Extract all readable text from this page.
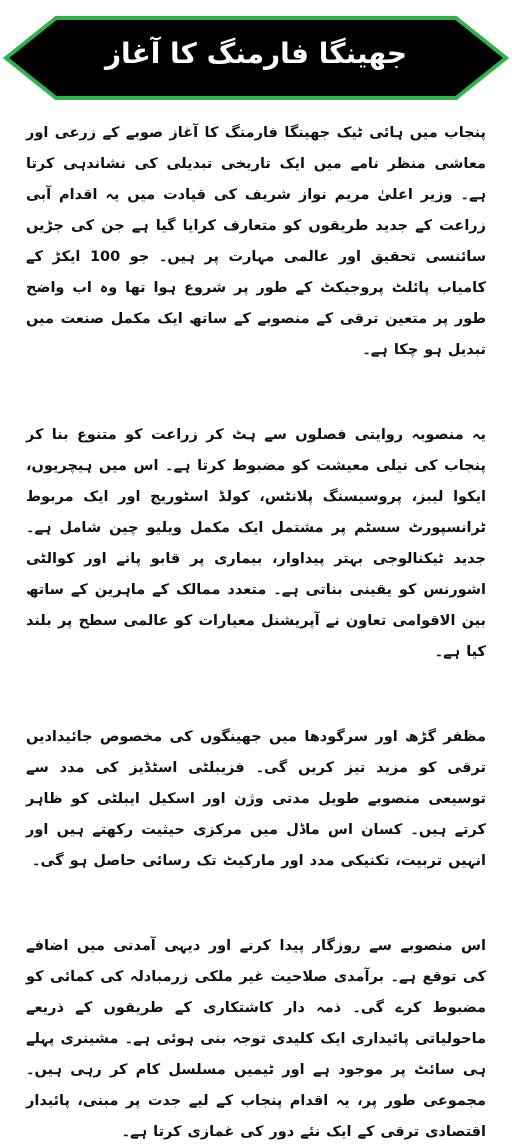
جھینگا فارمنگ کا آغاز

پنجاب میں ہائی ٹیک جھینگا فارمنگ کا آغاز صوبے کے زرعی اور معاشی منظر نامے میں ایک تاریخی تبدیلی کی نشاندہی کرتا ہے۔ وزیر اعلیٰ مریم نواز شریف کی قیادت میں یہ اقدام آبی زراعت کے جدید طریقوں کو متعارف کرایا گیا ہے جن کی جڑیں سائنسی تحقیق اور عالمی مہارت پر ہیں۔ جو 100 ایکڑ کے کامیاب پائلٹ پروجیکٹ کے طور پر شروع ہوا تھا وہ اب واضح طور پر متعین ترقی کے منصوبے کے ساتھ ایک مکمل صنعت میں تبدیل ہو چکا ہے۔

یہ منصوبہ روایتی فصلوں سے ہٹ کر زراعت کو متنوع بنا کر پنجاب کی نیلی معیشت کو مضبوط کرتا ہے۔ اس میں ہیچریوں، ایکوا لیبز، پروسیسنگ پلانٹس، کولڈ اسٹوریج اور ایک مربوط ٹرانسپورٹ سسٹم پر مشتمل ایک مکمل ویلیو چین شامل ہے۔ جدید ٹیکنالوجی بہتر پیداوار، بیماری پر قابو پانے اور کوالٹی اشورنس کو یقینی بناتی ہے۔ متعدد ممالک کے ماہرین کے ساتھ بین الاقوامی تعاون نے آپریشنل معیارات کو عالمی سطح پر بلند کیا ہے۔

مظفر گڑھ اور سرگودھا میں جھینگوں کی مخصوص جائیدادیں ترقی کو مزید تیز کریں گی۔ فزیبلٹی اسٹڈیز کی مدد سے توسیعی منصوبے طویل مدتی وژن اور اسکیل ایبلٹی کو ظاہر کرتے ہیں۔ کسان اس ماڈل میں مرکزی حیثیت رکھتے ہیں اور انہیں تربیت، تکنیکی مدد اور مارکیٹ تک رسائی حاصل ہو گی۔

اس منصوبے سے روزگار پیدا کرنے اور دیہی آمدنی میں اضافے کی توقع ہے۔ برآمدی صلاحیت غیر ملکی زرمبادلہ کی کمائی کو مضبوط کرے گی۔ ذمہ دار کاشتکاری کے طریقوں کے ذریعے ماحولیاتی پائیداری ایک کلیدی توجہ بنی ہوئی ہے۔ مشینری پہلے ہی سائٹ پر موجود ہے اور ٹیمیں مسلسل کام کر رہی ہیں۔ مجموعی طور پر، یہ اقدام پنجاب کے لیے جدت پر مبنی، پائیدار اقتصادی ترقی کے ایک نئے دور کی غمازی کرتا ہے۔
